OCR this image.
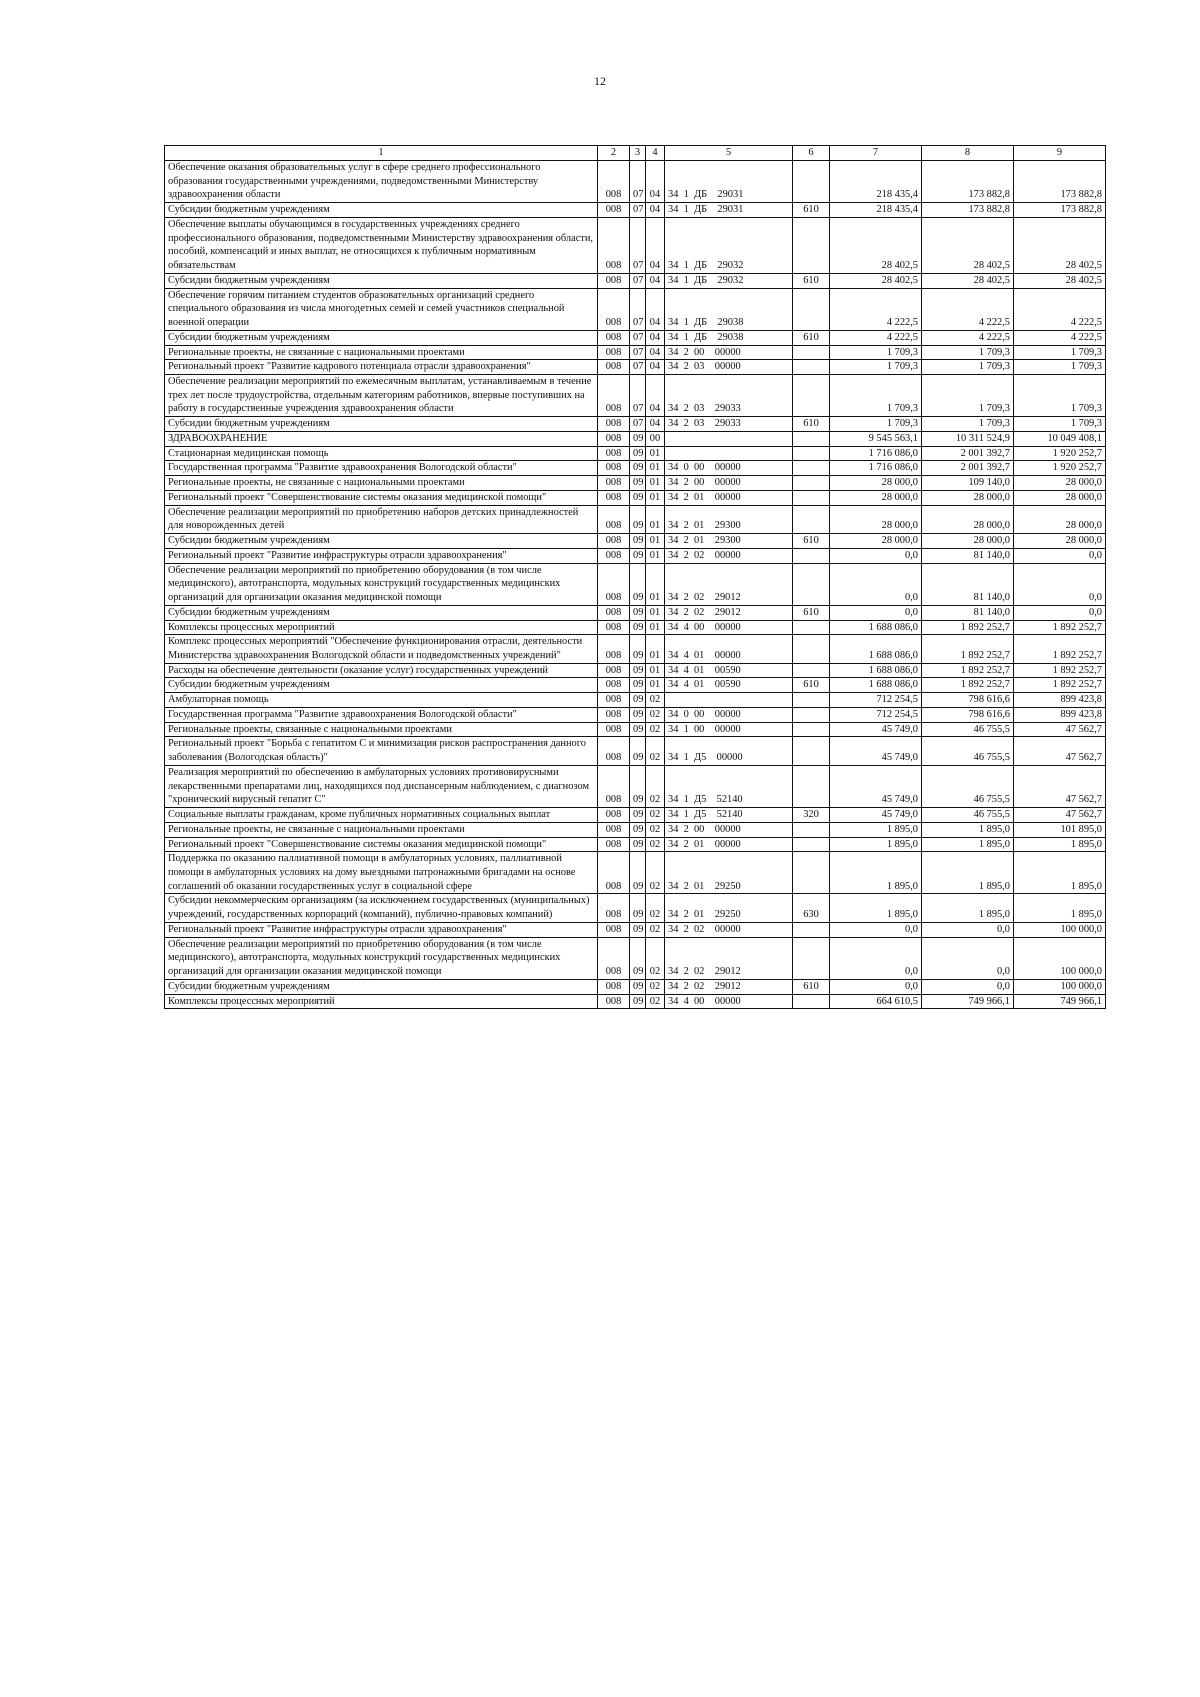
12
1	2	3	4	5	6	7	8	9
Обеспечение оказания образовательных услуг в сфере среднего профессионального образования государственными учреждениями, подведомственными Министерству здравоохранения области	008	07	04	34  1  ДБ    29031		218 435,4	173 882,8	173 882,8
Субсидии бюджетным учреждениям	008	07	04	34  1  ДБ    29031	610	218 435,4	173 882,8	173 882,8
Обеспечение выплаты обучающимся в государственных учреждениях среднего профессионального образования, подведомственными Министерству здравоохранения области, пособий, компенсаций и иных выплат, не относящихся к публичным нормативным обязательствам	008	07	04	34  1  ДБ    29032		28 402,5	28 402,5	28 402,5
Субсидии бюджетным учреждениям	008	07	04	34  1  ДБ    29032	610	28 402,5	28 402,5	28 402,5
Обеспечение горячим питанием студентов образовательных организаций среднего специального образования из числа многодетных семей и семей участников специальной военной операции	008	07	04	34  1  ДБ    29038		4 222,5	4 222,5	4 222,5
Субсидии бюджетным учреждениям	008	07	04	34  1  ДБ    29038	610	4 222,5	4 222,5	4 222,5
Региональные проекты, не связанные с национальными проектами	008	07	04	34  2  00    00000		1 709,3	1 709,3	1 709,3
Региональный проект "Развитие кадрового потенциала отрасли здравоохранения"	008	07	04	34  2  03    00000		1 709,3	1 709,3	1 709,3
Обеспечение реализации мероприятий по ежемесячным выплатам, устанавливаемым в течение трех лет после трудоустройства, отдельным категориям работников, впервые поступивших на работу в государственные учреждения здравоохранения области	008	07	04	34  2  03    29033		1 709,3	1 709,3	1 709,3
Субсидии бюджетным учреждениям	008	07	04	34  2  03    29033	610	1 709,3	1 709,3	1 709,3
ЗДРАВООХРАНЕНИЕ	008	09	00			9 545 563,1	10 311 524,9	10 049 408,1
Стационарная медицинская помощь	008	09	01			1 716 086,0	2 001 392,7	1 920 252,7
Государственная программа "Развитие здравоохранения Вологодской области"	008	09	01	34  0  00    00000		1 716 086,0	2 001 392,7	1 920 252,7
Региональные проекты, не связанные с национальными проектами	008	09	01	34  2  00    00000		28 000,0	109 140,0	28 000,0
Региональный проект "Совершенствование системы оказания медицинской помощи"	008	09	01	34  2  01    00000		28 000,0	28 000,0	28 000,0
Обеспечение реализации мероприятий по приобретению наборов детских принадлежностей для новорожденных детей	008	09	01	34  2  01    29300		28 000,0	28 000,0	28 000,0
Субсидии бюджетным учреждениям	008	09	01	34  2  01    29300	610	28 000,0	28 000,0	28 000,0
Региональный проект "Развитие инфраструктуры отрасли здравоохранения"	008	09	01	34  2  02    00000		0,0	81 140,0	0,0
Обеспечение реализации мероприятий по приобретению оборудования (в том числе медицинского), автотранспорта, модульных конструкций государственных медицинских организаций для организации оказания медицинской помощи	008	09	01	34  2  02    29012		0,0	81 140,0	0,0
Субсидии бюджетным учреждениям	008	09	01	34  2  02    29012	610	0,0	81 140,0	0,0
Комплексы процессных мероприятий	008	09	01	34  4  00    00000		1 688 086,0	1 892 252,7	1 892 252,7
Комплекс процессных мероприятий "Обеспечение функционирования отрасли, деятельности Министерства здравоохранения Вологодской области и подведомственных учреждений"	008	09	01	34  4  01    00000		1 688 086,0	1 892 252,7	1 892 252,7
Расходы на обеспечение деятельности (оказание услуг) государственных учреждений	008	09	01	34  4  01    00590		1 688 086,0	1 892 252,7	1 892 252,7
Субсидии бюджетным учреждениям	008	09	01	34  4  01    00590	610	1 688 086,0	1 892 252,7	1 892 252,7
Амбулаторная помощь	008	09	02			712 254,5	798 616,6	899 423,8
Государственная программа "Развитие здравоохранения Вологодской области"	008	09	02	34  0  00    00000		712 254,5	798 616,6	899 423,8
Региональные проекты, связанные с национальными проектами	008	09	02	34  1  00    00000		45 749,0	46 755,5	47 562,7
Региональный проект "Борьба с гепатитом С и минимизация рисков распространения данного заболевания (Вологодская область)"	008	09	02	34  1  Д5    00000		45 749,0	46 755,5	47 562,7
Реализация мероприятий по обеспечению в амбулаторных условиях противовирусными лекарственными препаратами лиц, находящихся под диспансерным наблюдением, с диагнозом "хронический вирусный гепатит С"	008	09	02	34  1  Д5    52140		45 749,0	46 755,5	47 562,7
Социальные выплаты гражданам, кроме публичных нормативных социальных выплат	008	09	02	34  1  Д5    52140	320	45 749,0	46 755,5	47 562,7
Региональные проекты, не связанные с национальными проектами	008	09	02	34  2  00    00000		1 895,0	1 895,0	101 895,0
Региональный проект "Совершенствование системы оказания медицинской помощи"	008	09	02	34  2  01    00000		1 895,0	1 895,0	1 895,0
Поддержка по оказанию паллиативной помощи в амбулаторных условиях, паллиативной помощи в амбулаторных условиях на дому выездными патронажными бригадами на основе соглашений об оказании государственных услуг в социальной сфере	008	09	02	34  2  01    29250		1 895,0	1 895,0	1 895,0
Субсидии некоммерческим организациям (за исключением государственных (муниципальных) учреждений, государственных корпораций (компаний), публично-правовых компаний)	008	09	02	34  2  01    29250	630	1 895,0	1 895,0	1 895,0
Региональный проект "Развитие инфраструктуры отрасли здравоохранения"	008	09	02	34  2  02    00000		0,0	0,0	100 000,0
Обеспечение реализации мероприятий по приобретению оборудования (в том числе медицинского), автотранспорта, модульных конструкций государственных медицинских организаций для организации оказания медицинской помощи	008	09	02	34  2  02    29012		0,0	0,0	100 000,0
Субсидии бюджетным учреждениям	008	09	02	34  2  02    29012	610	0,0	0,0	100 000,0
Комплексы процессных мероприятий	008	09	02	34  4  00    00000		664 610,5	749 966,1	749 966,1
